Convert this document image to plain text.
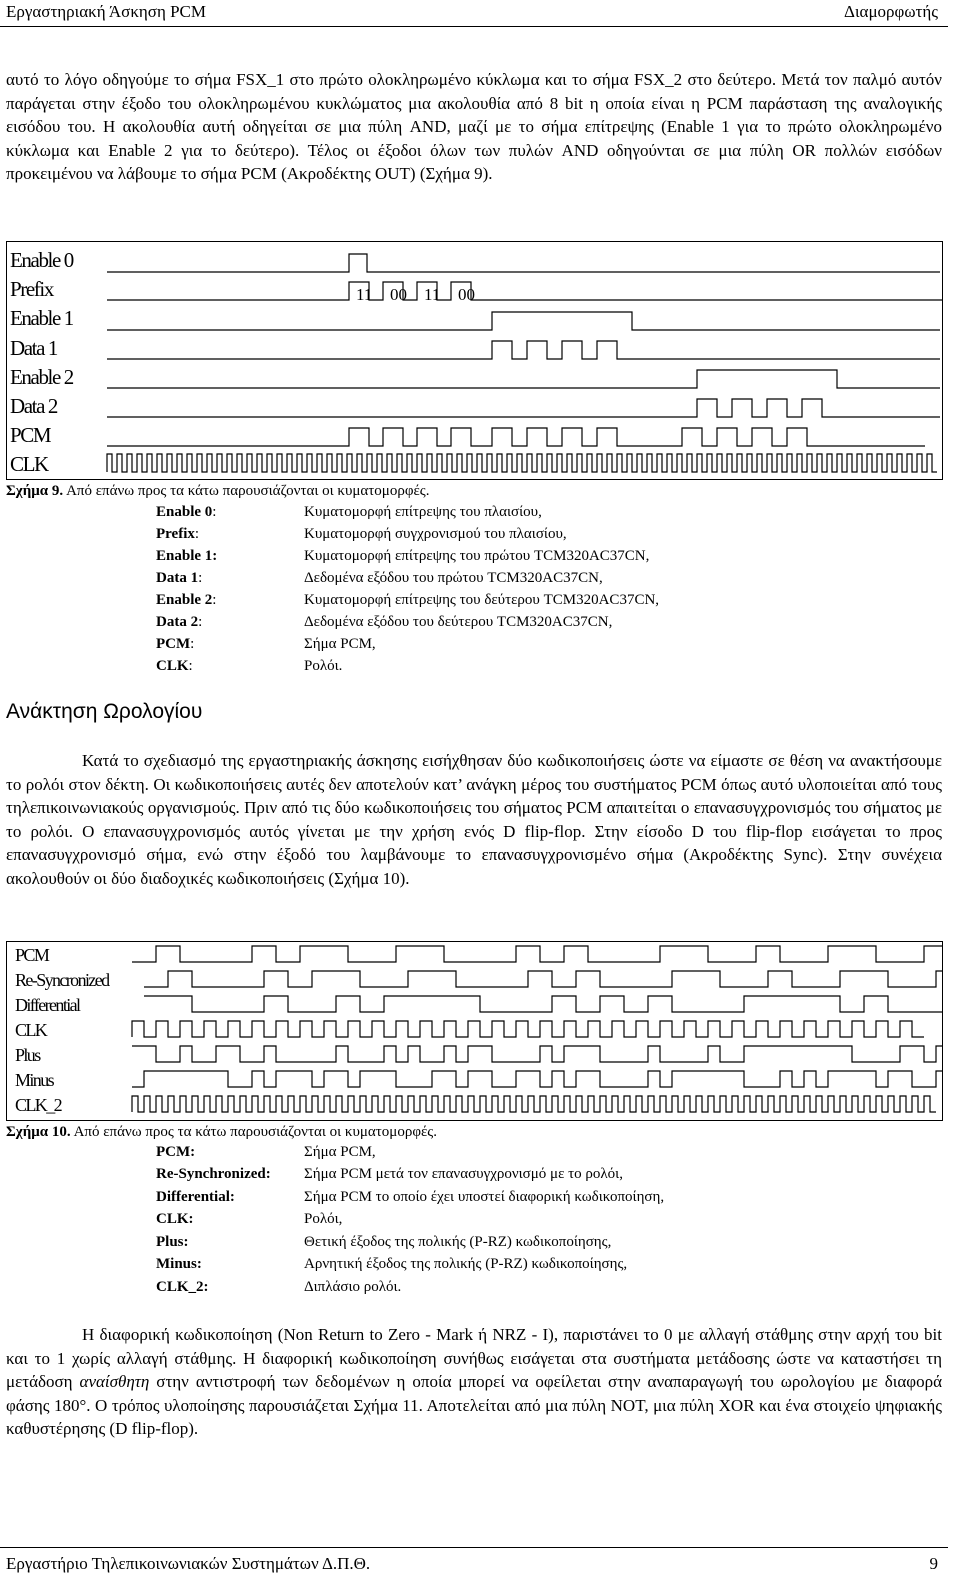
Εργαστηριακή Άσκηση PCM	Διαμορφωτής

αυτό το λόγο οδηγούμε το σήμα FSX_1 στο πρώτο ολοκληρωμένο κύκλωμα και το σήμα FSX_2 στο δεύτερο. Μετά τον παλμό αυτόν παράγεται στην έξοδο του ολοκληρωμένου κυκλώματος μια ακολουθία από 8 bit η οποία είναι η PCM παράσταση της αναλογικής εισόδου του. Η ακολουθία αυτή οδηγείται σε μια πύλη AND, μαζί με το σήμα επίτρεψης (Enable 1 για το πρώτο ολοκληρωμένο κύκλωμα και Enable 2 για το δεύτερο). Τέλος οι έξοδοι όλων των πυλών AND οδηγούνται σε μια πύλη OR πολλών εισόδων προκειμένου να λάβουμε το σήμα PCM (Ακροδέκτης OUT) (Σχήμα 9).

Enable 0
Prefix
Enable 1
Data 1
Enable 2
Data 2
PCM
CLK
11 00 11 00
Σχήμα 9. Από επάνω προς τα κάτω παρουσιάζονται οι κυματομορφές.
Enable 0:	Κυματομορφή επίτρεψης του πλαισίου,
Prefix:	Κυματομορφή συγχρονισμού του πλαισίου,
Enable 1:	Κυματομορφή επίτρεψης του πρώτου TCM320AC37CN,
Data 1:	Δεδομένα εξόδου του πρώτου TCM320AC37CN,
Enable 2:	Κυματομορφή επίτρεψης του δεύτερου TCM320AC37CN,
Data 2:	Δεδομένα εξόδου του δεύτερου TCM320AC37CN,
PCM:	Σήμα PCM,
CLK:	Ρολόι.
Ανάκτηση Ωρολογίου

Κατά το σχεδιασμό της εργαστηριακής άσκησης εισήχθησαν δύο κωδικοποιήσεις ώστε να είμαστε σε θέση να ανακτήσουμε το ρολόι στον δέκτη. Οι κωδικοποιήσεις αυτές δεν αποτελούν κατ’ ανάγκη μέρος του συστήματος PCM όπως αυτό υλοποιείται από τους τηλεπικοινωνιακούς οργανισμούς. Πριν από τις δύο κωδικοποιήσεις του σήματος PCM απαιτείται ο επανασυγχρονισμός του σήματος με το ρολόι. Ο επανασυγχρονισμός αυτός γίνεται με την χρήση ενός D flip-flop. Στην είσοδο D του flip-flop εισάγεται το προς επανασυγχρονισμό σήμα, ενώ στην έξοδό του λαμβάνουμε το επανασυγχρονισμένο σήμα (Ακροδέκτης Sync). Στην συνέχεια ακολουθούν οι δύο διαδοχικές κωδικοποιήσεις (Σχήμα 10).

PCM
Re-Syncronized
Differential
CLK
Plus
Minus
CLK_2
Σχήμα 10. Από επάνω προς τα κάτω παρουσιάζονται οι κυματομορφές.
PCM:	Σήμα PCM,
Re-Synchronized: Σήμα PCM μετά τον επανασυγχρονισμό με το ρολόι,
Differential:	Σήμα PCM το οποίο έχει υποστεί διαφορική κωδικοποίηση,
CLK:	Ρολόι,
Plus:	Θετική έξοδος της πολικής (P-RZ) κωδικοποίησης,
Minus:	Αρνητική έξοδος της πολικής (P-RZ) κωδικοποίησης,
CLK_2:	Διπλάσιο ρολόι.

Η διαφορική κωδικοποίηση (Non Return to Zero - Mark ή NRZ - I), παριστάνει το 0 με αλλαγή στάθμης στην αρχή του bit και το 1 χωρίς αλλαγή στάθμης. Η διαφορική κωδικοποίηση συνήθως εισάγεται στα συστήματα μετάδοσης ώστε να καταστήσει τη μετάδοση αναίσθητη στην αντιστροφή των δεδομένων η οποία μπορεί να οφείλεται στην αναπαραγωγή του ωρολογίου με διαφορά φάσης 180°. Ο τρόπος υλοποίησης παρουσιάζεται Σχήμα 11. Αποτελείται από μια πύλη NOT, μια πύλη XOR και ένα στοιχείο ψηφιακής καθυστέρησης (D flip-flop).

Εργαστήριο Τηλεπικοινωνιακών Συστημάτων Δ.Π.Θ.	9
